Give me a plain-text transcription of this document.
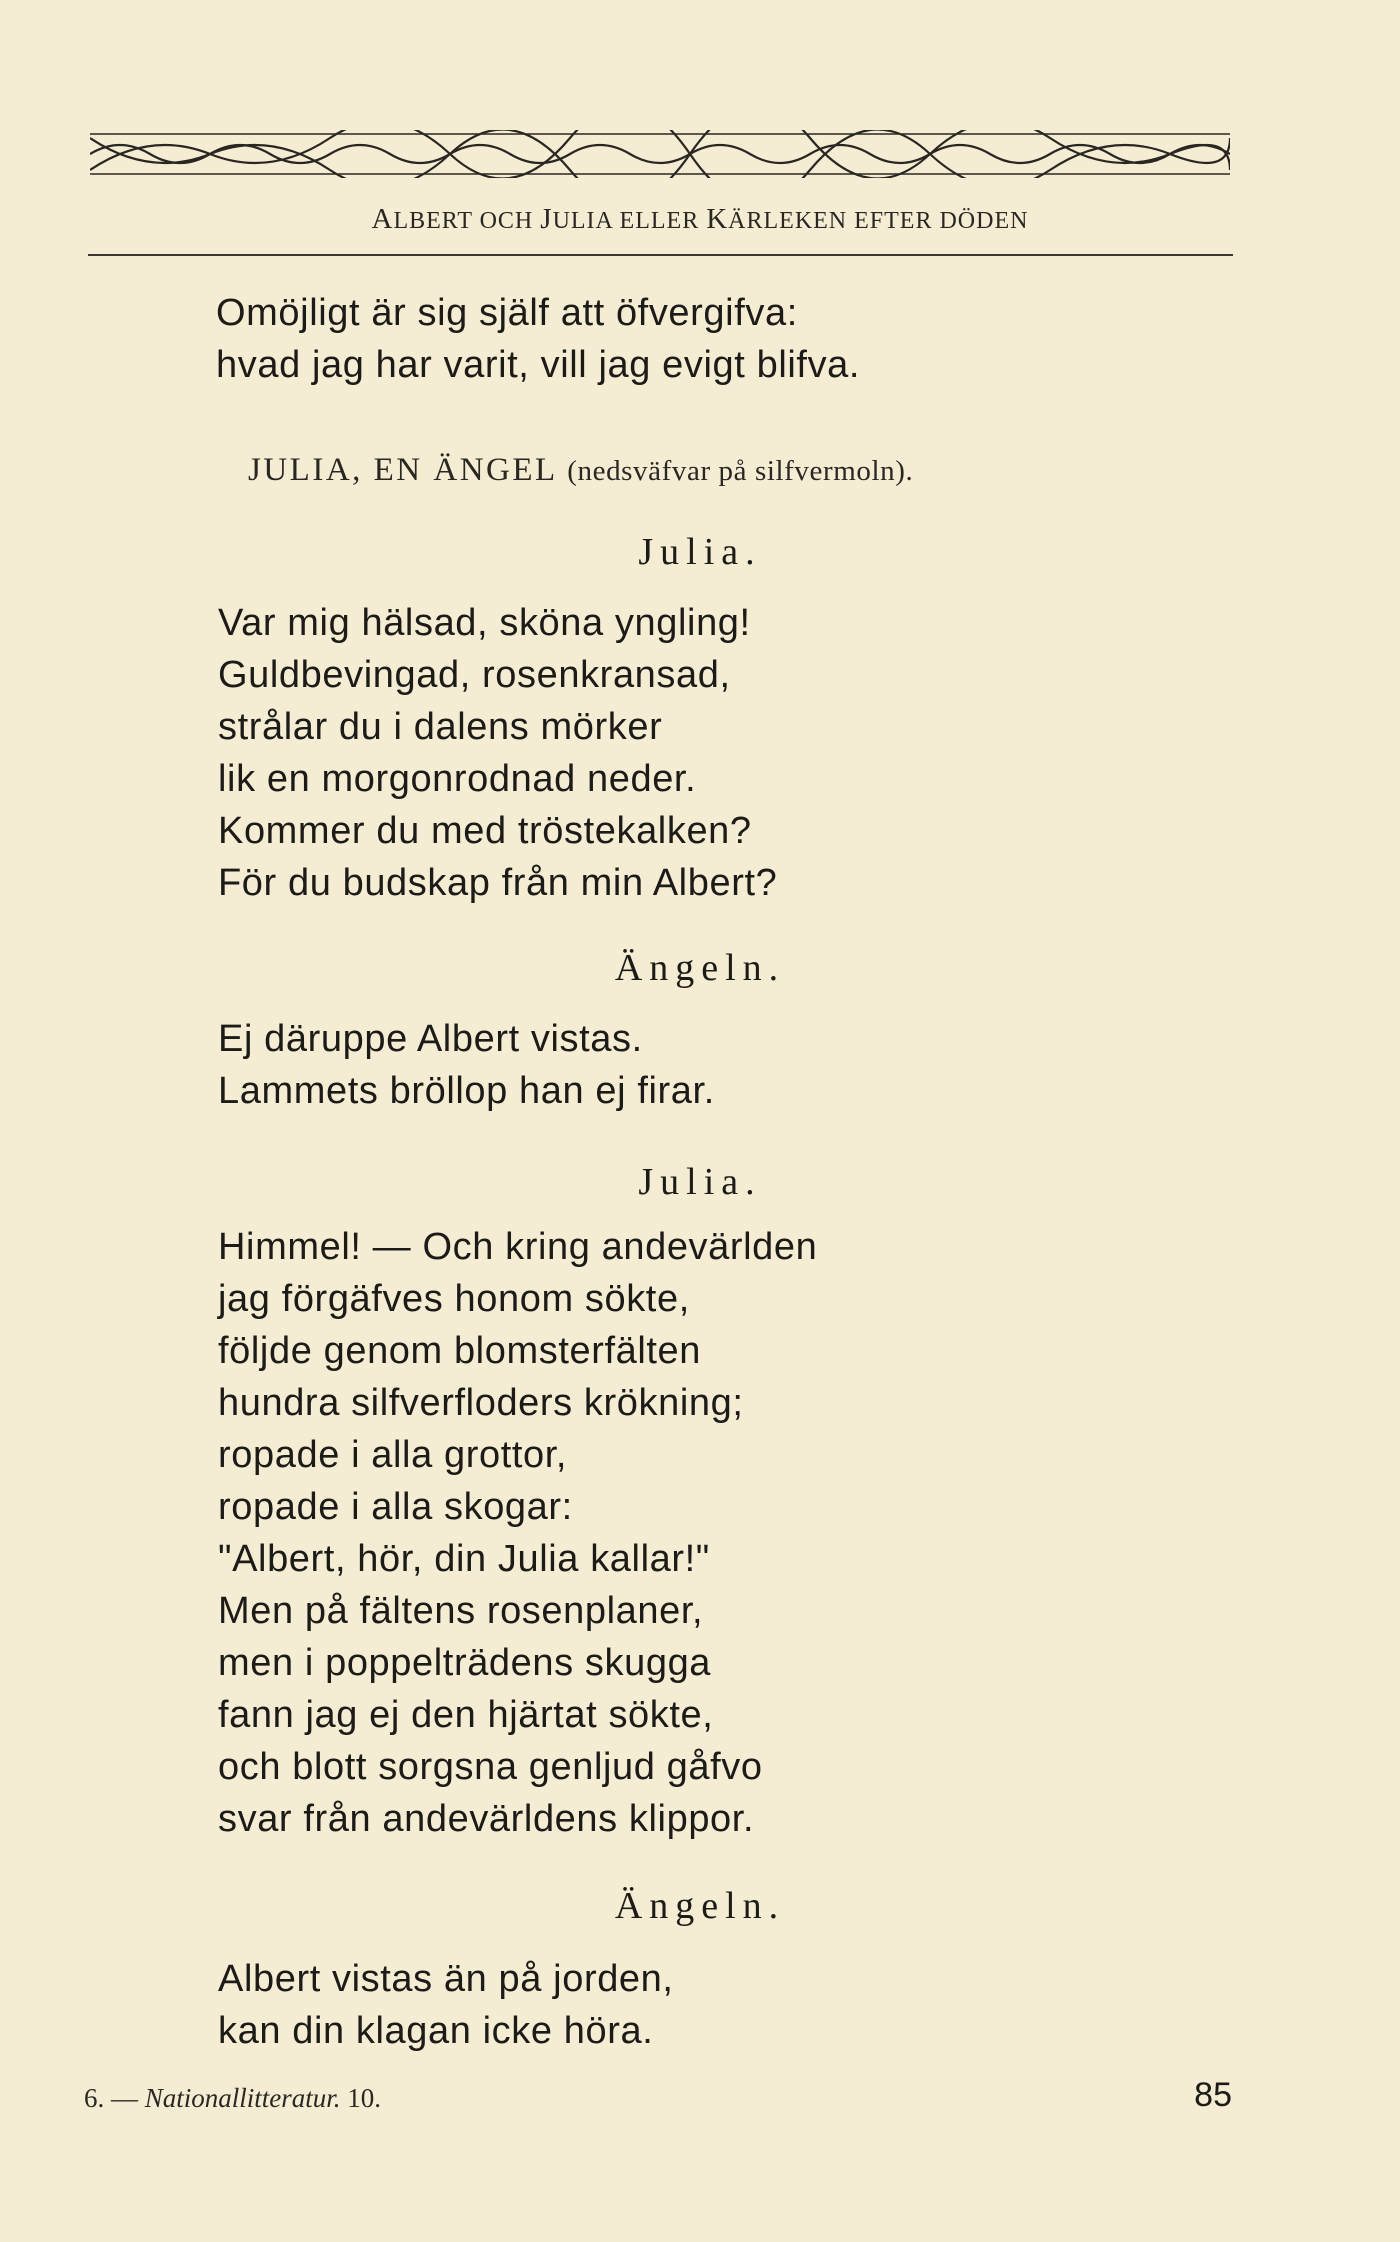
ALBERT OCH JULIA ELLER KÄRLEKEN EFTER DÖDEN
Omöjligt är sig själf att öfvergifva:
hvad jag har varit, vill jag evigt blifva.
JULIA, EN ÄNGEL (nedsväfvar på silfvermoln).
Julia.
Var mig hälsad, sköna yngling!
Guldbevingad, rosenkransad,
strålar du i dalens mörker
lik en morgonrodnad neder.
Kommer du med tröstekalken?
För du budskap från min Albert?
Ängeln.
Ej däruppe Albert vistas.
Lammets bröllop han ej firar.
Julia.
Himmel! — Och kring andevärlden
jag förgäfves honom sökte,
följde genom blomsterfälten
hundra silfverfloders krökning;
ropade i alla grottor,
ropade i alla skogar:
"Albert, hör, din Julia kallar!"
Men på fältens rosenplaner,
men i poppelträdens skugga
fann jag ej den hjärtat sökte,
och blott sorgsna genljud gåfvo
svar från andevärldens klippor.
Ängeln.
Albert vistas än på jorden,
kan din klagan icke höra.
6. — Nationallitteratur. 10.	85
